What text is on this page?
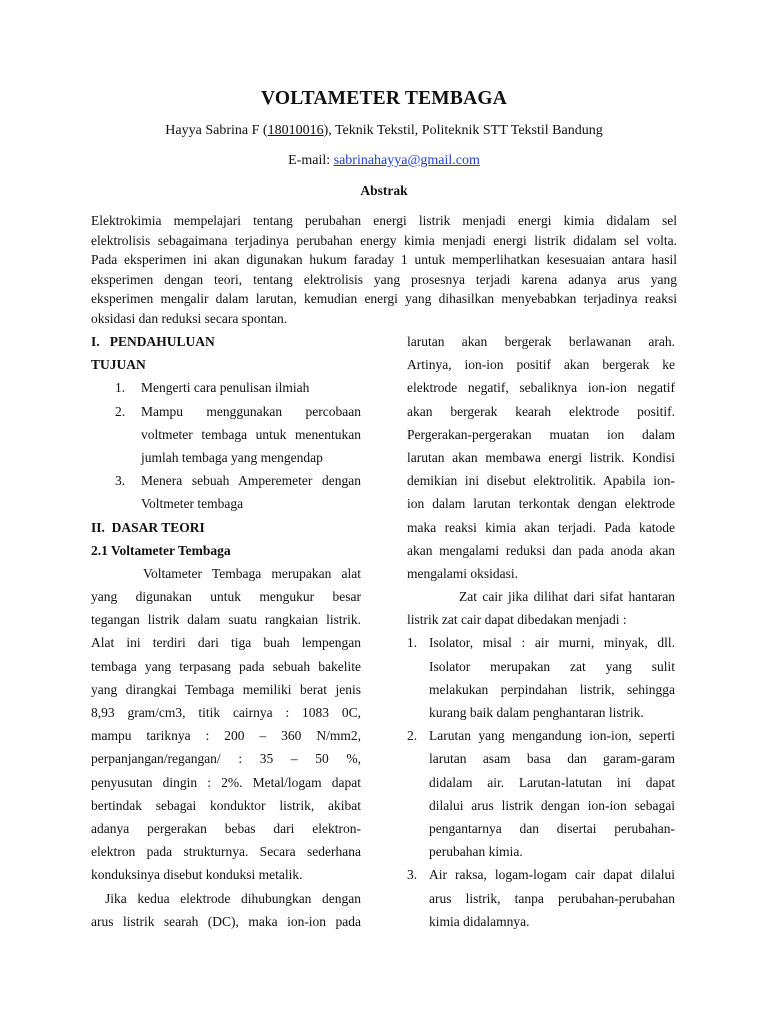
VOLTAMETER TEMBAGA
Hayya Sabrina F (18010016), Teknik Tekstil, Politeknik STT Tekstil Bandung
E-mail: sabrinahayya@gmail.com
Abstrak
Elektrokimia mempelajari tentang perubahan energi listrik menjadi energi kimia didalam sel
elektrolisis sebagaimana terjadinya perubahan energy kimia menjadi energi listrik didalam sel volta.
Pada eksperimen ini akan digunakan hukum faraday 1 untuk memperlihatkan kesesuaian antara hasil
eksperimen dengan teori, tentang elektrolisis yang prosesnya terjadi karena adanya arus yang
eksperimen mengalir dalam larutan, kemudian energi yang dihasilkan menyebabkan terjadinya reaksi
oksidasi dan reduksi secara spontan.
I.   PENDAHULUAN
TUJUAN
1.	Mengerti cara penulisan ilmiah
2.	Mampu menggunakan percobaan
voltmeter tembaga untuk menentukan
jumlah tembaga yang mengendap
3.	Menera sebuah Amperemeter dengan
Voltmeter tembaga
II.  DASAR TEORI
2.1 Voltameter Tembaga
Voltameter Tembaga merupakan alat
yang digunakan untuk mengukur besar
tegangan listrik dalam suatu rangkaian listrik.
Alat ini terdiri dari tiga buah lempengan
tembaga yang terpasang pada sebuah bakelite
yang dirangkai Tembaga memiliki berat jenis
8,93 gram/cm3, titik cairnya : 1083 0C,
mampu tariknya : 200 – 360 N/mm2,
perpanjangan/regangan/ : 35 – 50 %,
penyusutan dingin : 2%. Metal/logam dapat
bertindak sebagai konduktor listrik, akibat
adanya pergerakan bebas dari elektron-
elektron pada strukturnya. Secara sederhana
konduksinya disebut konduksi metalik.
Jika kedua elektrode dihubungkan dengan
arus listrik searah (DC), maka ion-ion pada
larutan akan bergerak berlawanan arah.
Artinya, ion-ion positif akan bergerak ke
elektrode negatif, sebaliknya ion-ion negatif
akan bergerak kearah elektrode positif.
Pergerakan-pergerakan muatan ion dalam
larutan akan membawa energi listrik. Kondisi
demikian ini disebut elektrolitik. Apabila ion-
ion dalam larutan terkontak dengan elektrode
maka reaksi kimia akan terjadi. Pada katode
akan mengalami reduksi dan pada anoda akan
mengalami oksidasi.
Zat cair jika dilihat dari sifat hantaran
listrik zat cair dapat dibedakan menjadi :
1. Isolator, misal : air murni, minyak, dll.
Isolator merupakan zat yang sulit
melakukan perpindahan listrik, sehingga
kurang baik dalam penghantaran listrik.
2. Larutan yang mengandung ion-ion, seperti
larutan asam basa dan garam-garam
didalam air. Larutan-latutan ini dapat
dilalui arus listrik dengan ion-ion sebagai
pengantarnya dan disertai perubahan-
perubahan kimia.
3. Air raksa, logam-logam cair dapat dilalui
arus listrik, tanpa perubahan-perubahan
kimia didalamnya.
